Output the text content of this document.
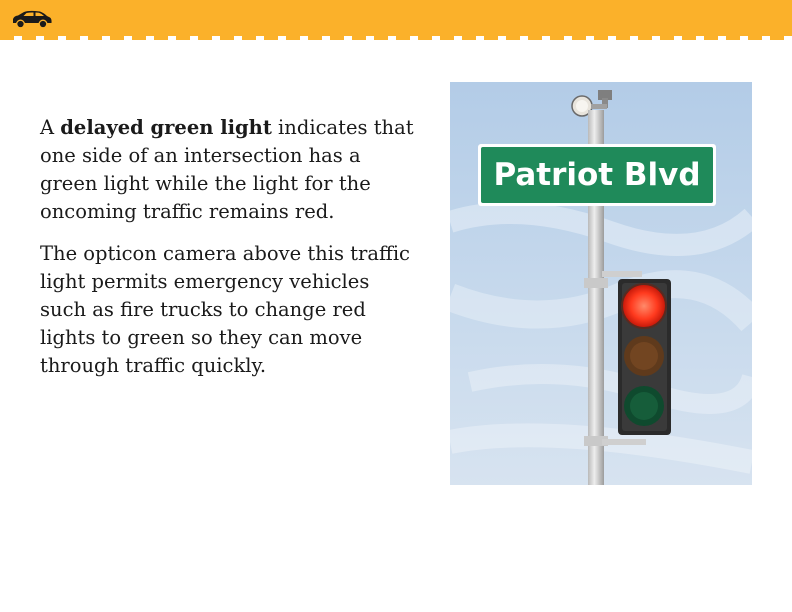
A delayed green light indicates that one side of an intersection has a green light while the light for the oncoming traffic remains red.

The opticon camera above this traffic light permits emergency vehicles such as fire trucks to change red lights to green so they can move through traffic quickly.

Patriot Blvd
